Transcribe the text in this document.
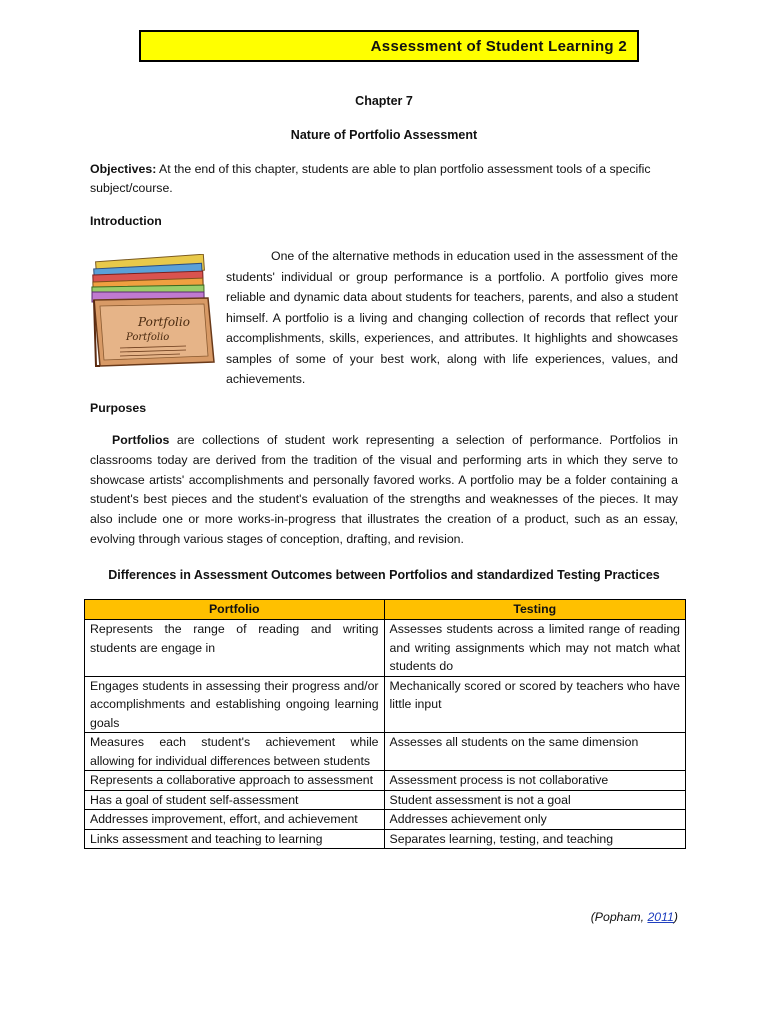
Assessment of Student Learning 2
Chapter 7
Nature of Portfolio Assessment
Objectives: At the end of this chapter, students are able to plan portfolio assessment tools of a specific subject/course.
Introduction
Portfolio
Portfolio
One of the alternative methods in education used in the assessment of the students' individual or group performance is a portfolio. A portfolio gives more reliable and dynamic data about students for teachers, parents, and also a student himself. A portfolio is a living and changing collection of records that reflect your accomplishments, skills, experiences, and attributes. It highlights and showcases samples of some of your best work, along with life experiences, values, and achievements.
Purposes
Portfolios are collections of student work representing a selection of performance. Portfolios in classrooms today are derived from the tradition of the visual and performing arts in which they serve to showcase artists' accomplishments and personally favored works. A portfolio may be a folder containing a student's best pieces and the student's evaluation of the strengths and weaknesses of the pieces. It may also include one or more works-in-progress that illustrates the creation of a product, such as an essay, evolving through various stages of conception, drafting, and revision.
Differences in Assessment Outcomes between Portfolios and standardized Testing Practices
Portfolio	Testing
Represents the range of reading and writing students are engage in	Assesses students across a limited range of reading and writing assignments which may not match what students do
Engages students in assessing their progress and/or accomplishments and establishing ongoing learning goals	Mechanically scored or scored by teachers who have little input
Measures each student's achievement while allowing for individual differences between students	Assesses all students on the same dimension
Represents a collaborative approach to assessment	Assessment process is not collaborative
Has a goal of student self-assessment	Student assessment is not a goal
Addresses improvement, effort, and achievement	Addresses achievement only
Links assessment and teaching to learning	Separates learning, testing, and teaching
(Popham, 2011)
